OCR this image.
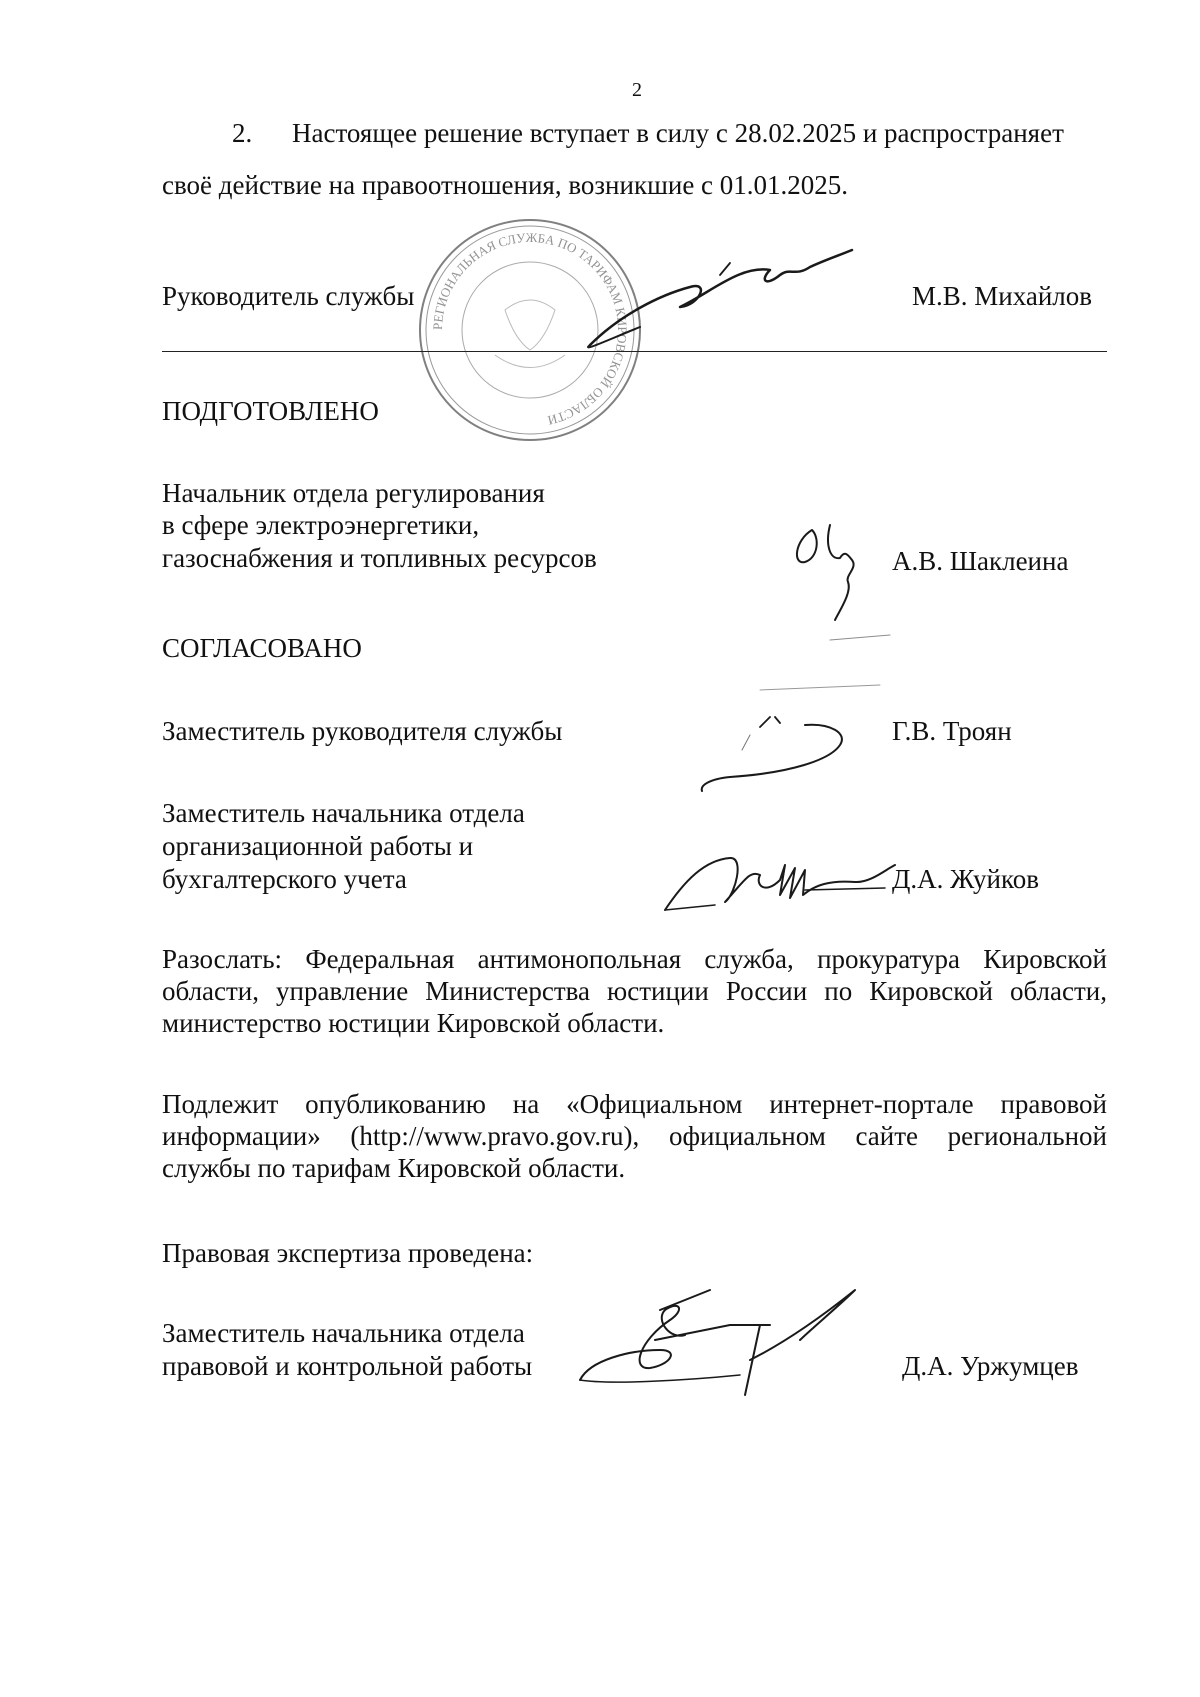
2
2. Настоящее решение вступает в силу с 28.02.2025 и распространяет
своё действие на правоотношения, возникшие с 01.01.2025.
РЕГИОНАЛЬНАЯ СЛУЖБА ПО ТАРИФАМ КИРОВСКОЙ ОБЛАСТИ
Руководитель службы	М.В. Михайлов
ПОДГОТОВЛЕНО
Начальник отдела регулирования
в сфере электроэнергетики,
газоснабжения и топливных ресурсов	А.В. Шаклеина
СОГЛАСОВАНО
Заместитель руководителя службы	Г.В. Троян
Заместитель начальника отдела
организационной работы и
бухгалтерского учета	Д.А. Жуйков
Разослать: Федеральная антимонопольная служба, прокуратура Кировской области, управление Министерства юстиции России по Кировской области, министерство юстиции Кировской области.
Подлежит опубликованию на «Официальном интернет-портале правовой информации» (http://www.pravo.gov.ru), официальном сайте региональной службы по тарифам Кировской области.
Правовая экспертиза проведена:
Заместитель начальника отдела
правовой и контрольной работы	Д.А. Уржумцев
